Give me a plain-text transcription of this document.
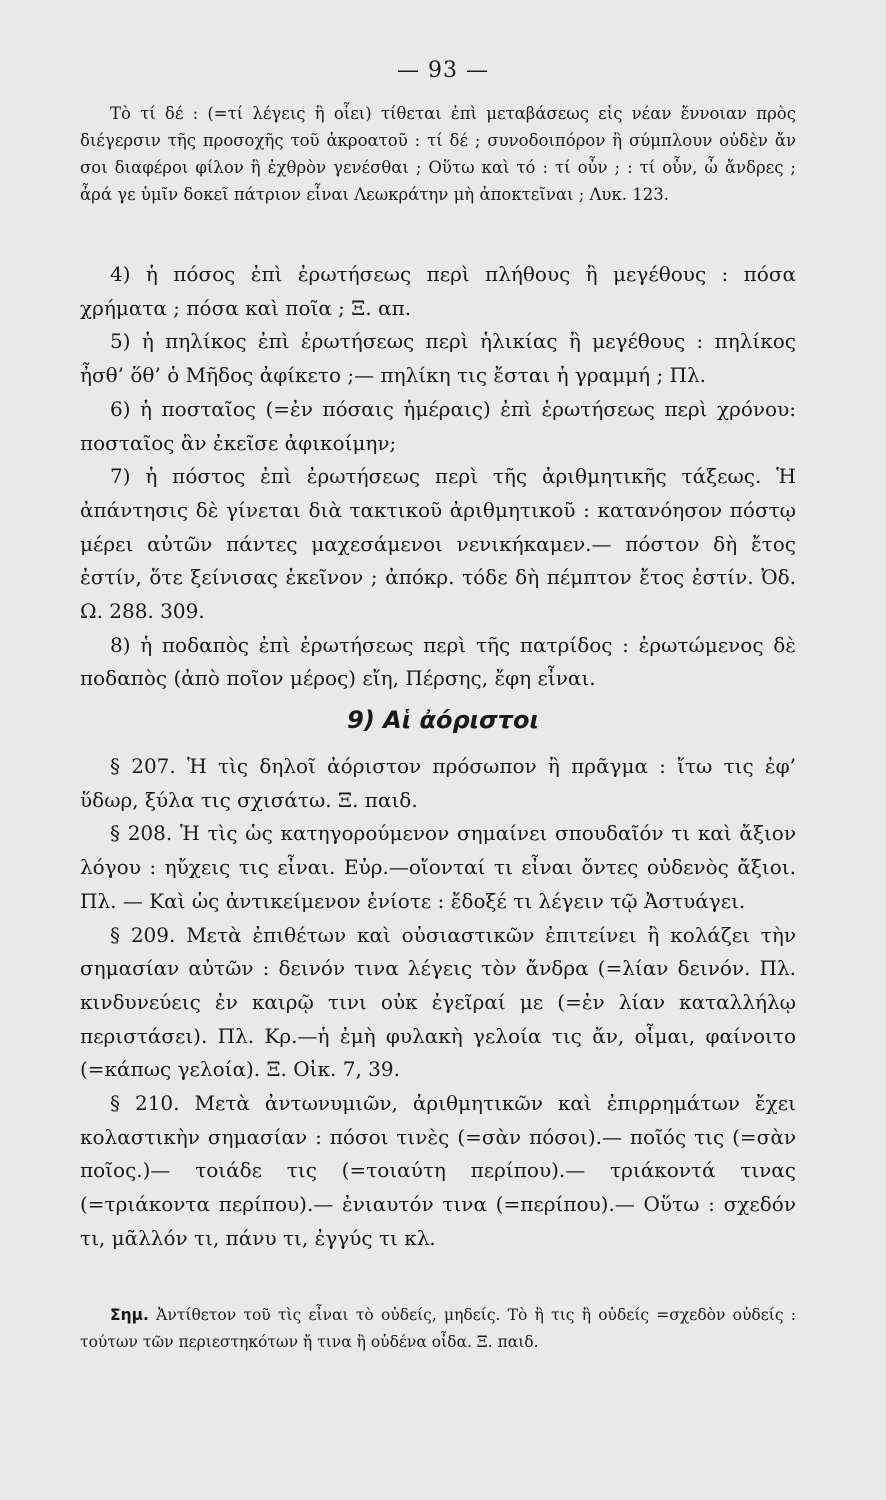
— 93 —

Τὸ τί δέ : (=τί λέγεις ἢ οἷει) τίθεται ἐπὶ μεταβάσεως εἰς νέαν ἔννοιαν πρὸς διέγερσιν τῆς προσοχῆς τοῦ ἀκροατοῦ : τί δέ ; συνοδοιπόρον ἢ σύμπλουν οὐδὲν ἄν σοι διαφέροι φίλον ἢ ἐχθρὸν γενέσθαι ; Οὕτω καὶ τό : τί οὖν ; : τί οὖν, ὦ ἄνδρες ; ἆρά γε ὑμῖν δοκεῖ πάτριον εἶναι Λεωκράτην μὴ ἀποκτεῖναι ; Λυκ. 123.

4) ἡ πόσος ἐπὶ ἐρωτήσεως περὶ πλήθους ἢ μεγέθους : πόσα χρήματα ; πόσα καὶ ποῖα ; Ξ. απ.

5) ἡ πηλίκος ἐπὶ ἐρωτήσεως περὶ ἡλικίας ἢ μεγέθους : πηλίκος ἦσθ’ ὅθ’ ὁ Μῆδος ἀφίκετο ;— πηλίκη τις ἔσται ἡ γραμμή ; Πλ.

6) ἡ ποσταῖος (=ἐν πόσαις ἡμέραις) ἐπὶ ἐρωτήσεως περὶ χρόνου: ποσταῖος ἂν ἐκεῖσε ἀφικοίμην;

7) ἡ πόστος ἐπὶ ἐρωτήσεως περὶ τῆς ἀριθμητικῆς τάξεως. Ἡ ἀπάντησις δὲ γίνεται διὰ τακτικοῦ ἀριθμητικοῦ : κατανόησον πόστῳ μέρει αὐτῶν πάντες μαχεσάμενοι νενικήκαμεν.— πόστον δὴ ἔτος ἐστίν, ὅτε ξείνισας ἐκεῖνον ; ἀπόκρ. τόδε δὴ πέμπτον ἔτος ἐστίν. Ὀδ. Ω. 288. 309.

8) ἡ ποδαπὸς ἐπὶ ἐρωτήσεως περὶ τῆς πατρίδος : ἐρωτώμενος δὲ ποδαπὸς (ἀπὸ ποῖον μέρος) εἴη, Πέρσης, ἔφη εἶναι.

9) Αἱ ἀόριστοι

§ 207. Ἡ τὶς δηλοῖ ἀόριστον πρόσωπον ἢ πρᾶγμα : ἴτω τις ἐφ’ ὕδωρ, ξύλα τις σχισάτω. Ξ. παιδ.

§ 208. Ἡ τὶς ὡς κατηγορούμενον σημαίνει σπουδαῖόν τι καὶ ἄξιον λόγου : ηὔχεις τις εἶναι. Εὐρ.—οἴονταί τι εἶναι ὄντες οὐδενὸς ἄξιοι. Πλ. — Καὶ ὡς ἀντικείμενον ἐνίοτε : ἔδοξέ τι λέγειν τῷ Ἀστυάγει.

§ 209. Μετὰ ἐπιθέτων καὶ οὐσιαστικῶν ἐπιτείνει ἢ κολάζει τὴν σημασίαν αὐτῶν : δεινόν τινα λέγεις τὸν ἄνδρα (=λίαν δεινόν. Πλ. κινδυνεύεις ἐν καιρῷ τινι οὐκ ἐγεῖραί με (=ἐν λίαν καταλλήλῳ περιστάσει). Πλ. Κρ.—ἡ ἐμὴ φυλακὴ γελοία τις ἄν, οἶμαι, φαίνοιτο (=κάπως γελοία). Ξ. Οἰκ. 7, 39.

§ 210. Μετὰ ἀντωνυμιῶν, ἀριθμητικῶν καὶ ἐπιρρημάτων ἔχει κολαστικὴν σημασίαν : πόσοι τινὲς (=σὰν πόσοι).— ποῖός τις (=σὰν ποῖος.)— τοιάδε τις (=τοιαύτη περίπου).— τριάκοντά τινας (=τριάκοντα περίπου).— ἐνιαυτόν τινα (=περίπου).— Οὕτω : σχεδόν τι, μᾶλλόν τι, πάνυ τι, ἐγγύς τι κλ.

Σημ. Ἀντίθετον τοῦ τὶς εἶναι τὸ οὐδείς, μηδείς. Τὸ ἢ τις ἢ οὐδείς =σχεδὸν οὐδείς : τούτων τῶν περιεστηκότων ἤ τινα ἢ οὐδένα οἶδα. Ξ. παιδ.
